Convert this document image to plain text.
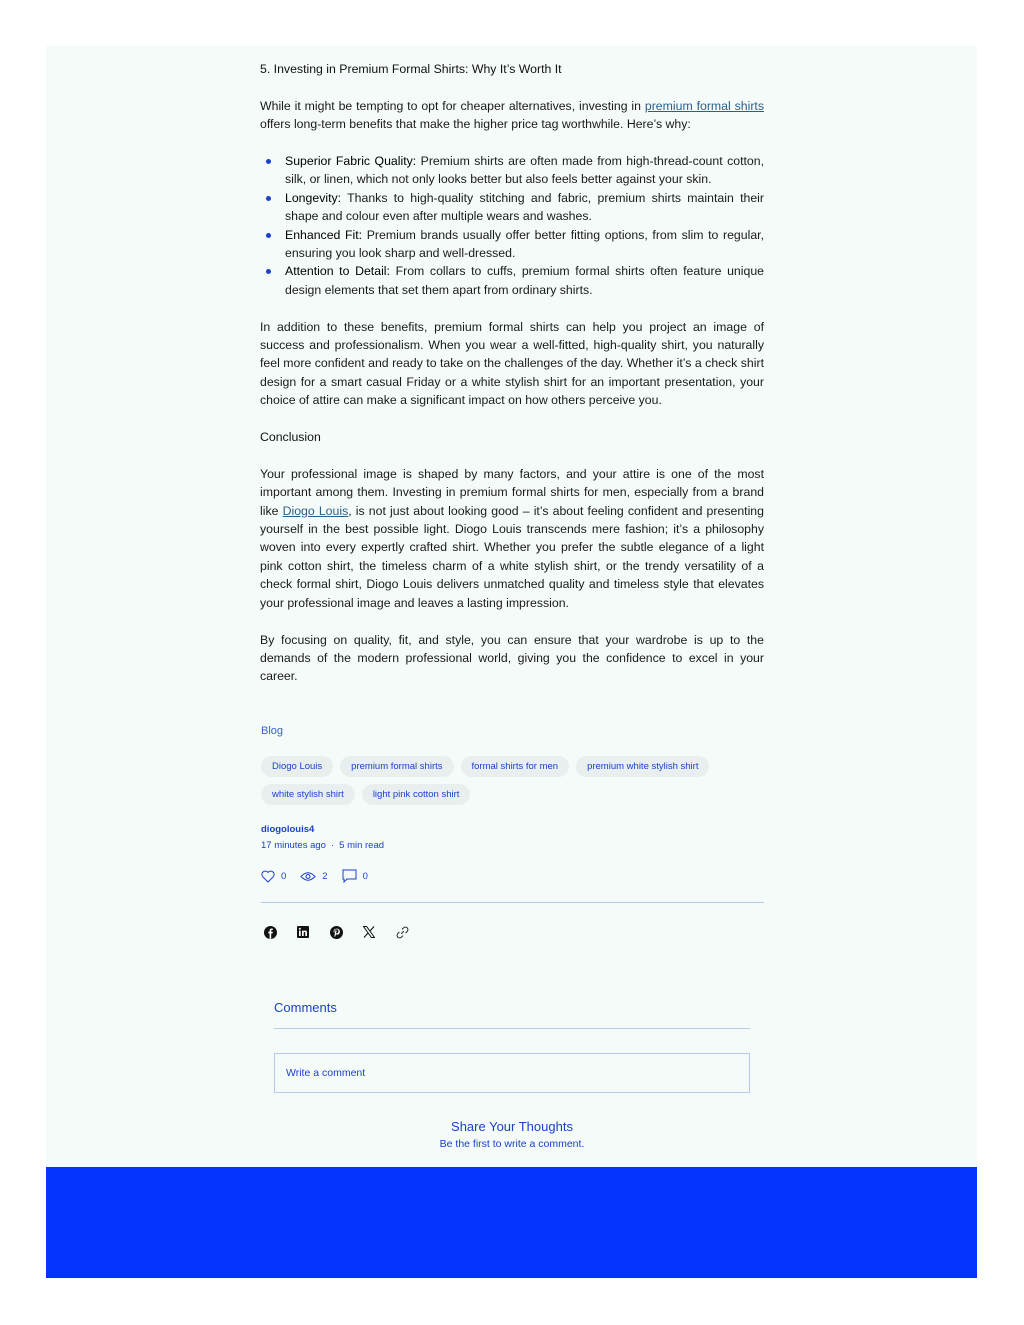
5. Investing in Premium Formal Shirts: Why It’s Worth It

While it might be tempting to opt for cheaper alternatives, investing in premium formal shirts offers long-term benefits that make the higher price tag worthwhile. Here’s why:

Superior Fabric Quality: Premium shirts are often made from high-thread-count cotton, silk, or linen, which not only looks better but also feels better against your skin.
Longevity: Thanks to high-quality stitching and fabric, premium shirts maintain their shape and colour even after multiple wears and washes.
Enhanced Fit: Premium brands usually offer better fitting options, from slim to regular, ensuring you look sharp and well-dressed.
Attention to Detail: From collars to cuffs, premium formal shirts often feature unique design elements that set them apart from ordinary shirts.

In addition to these benefits, premium formal shirts can help you project an image of success and professionalism. When you wear a well-fitted, high-quality shirt, you naturally feel more confident and ready to take on the challenges of the day. Whether it’s a check shirt design for a smart casual Friday or a white stylish shirt for an important presentation, your choice of attire can make a significant impact on how others perceive you.

Conclusion

Your professional image is shaped by many factors, and your attire is one of the most important among them. Investing in premium formal shirts for men, especially from a brand like Diogo Louis, is not just about looking good – it’s about feeling confident and presenting yourself in the best possible light. Diogo Louis transcends mere fashion; it’s a philosophy woven into every expertly crafted shirt. Whether you prefer the subtle elegance of a light pink cotton shirt, the timeless charm of a white stylish shirt, or the trendy versatility of a check formal shirt, Diogo Louis delivers unmatched quality and timeless style that elevates your professional image and leaves a lasting impression.

By focusing on quality, fit, and style, you can ensure that your wardrobe is up to the demands of the modern professional world, giving you the confidence to excel in your career.

Blog
Diogo Louis	premium formal shirts	formal shirts for men	premium white stylish shirt
white stylish shirt	light pink cotton shirt
diogolouis4
17 minutes ago · 5 min read
0	2	0
Comments
Write a comment
Share Your Thoughts
Be the first to write a comment.
